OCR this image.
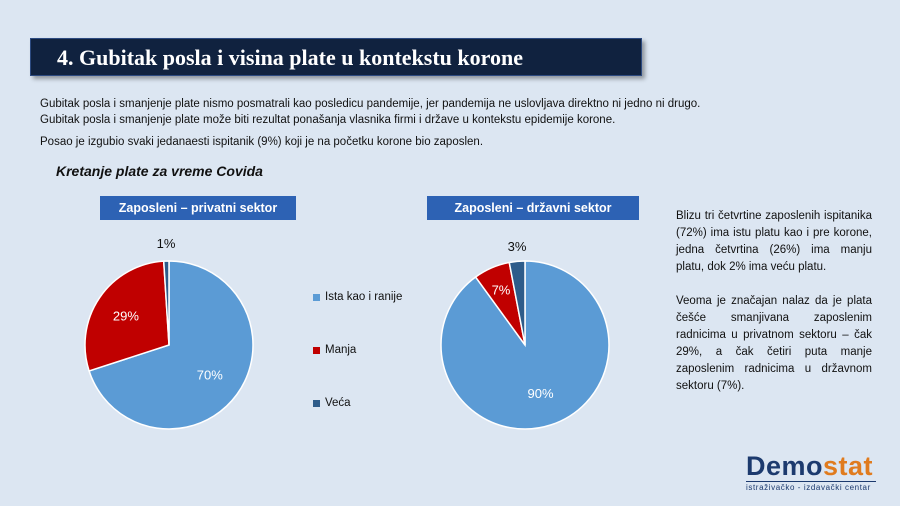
4. Gubitak posla i visina plate u kontekstu korone

Gubitak posla i smanjenje plate nismo posmatrali kao posledicu pandemije, jer pandemija ne uslovljava direktno ni jedno ni drugo.

Gubitak posla i smanjenje plate može biti rezultat ponašanja vlasnika firmi i države u kontekstu epidemije korone.

Posao je izgubio svaki jedanaesti ispitanik (9%) koji je na početku korone bio zaposlen.

Kretanje plate za vreme Covida
Zaposleni – privatni sektor	Zaposleni – državni sektor
70%
29%
1%
90%
7%
3%
Ista kao i ranije
Manja
Veća

Blizu tri četvrtine zaposlenih ispitanika (72%) ima istu platu kao i pre korone, jedna četvrtina (26%) ima manju platu, dok 2% ima veću platu.

Veoma je značajan nalaz da je plata češće smanjivana zaposlenim radnicima u privatnom sektoru – čak 29%, a čak četiri puta manje zaposlenim radnicima u državnom sektoru (7%).

Demostat
istraživačko - izdavački centar
